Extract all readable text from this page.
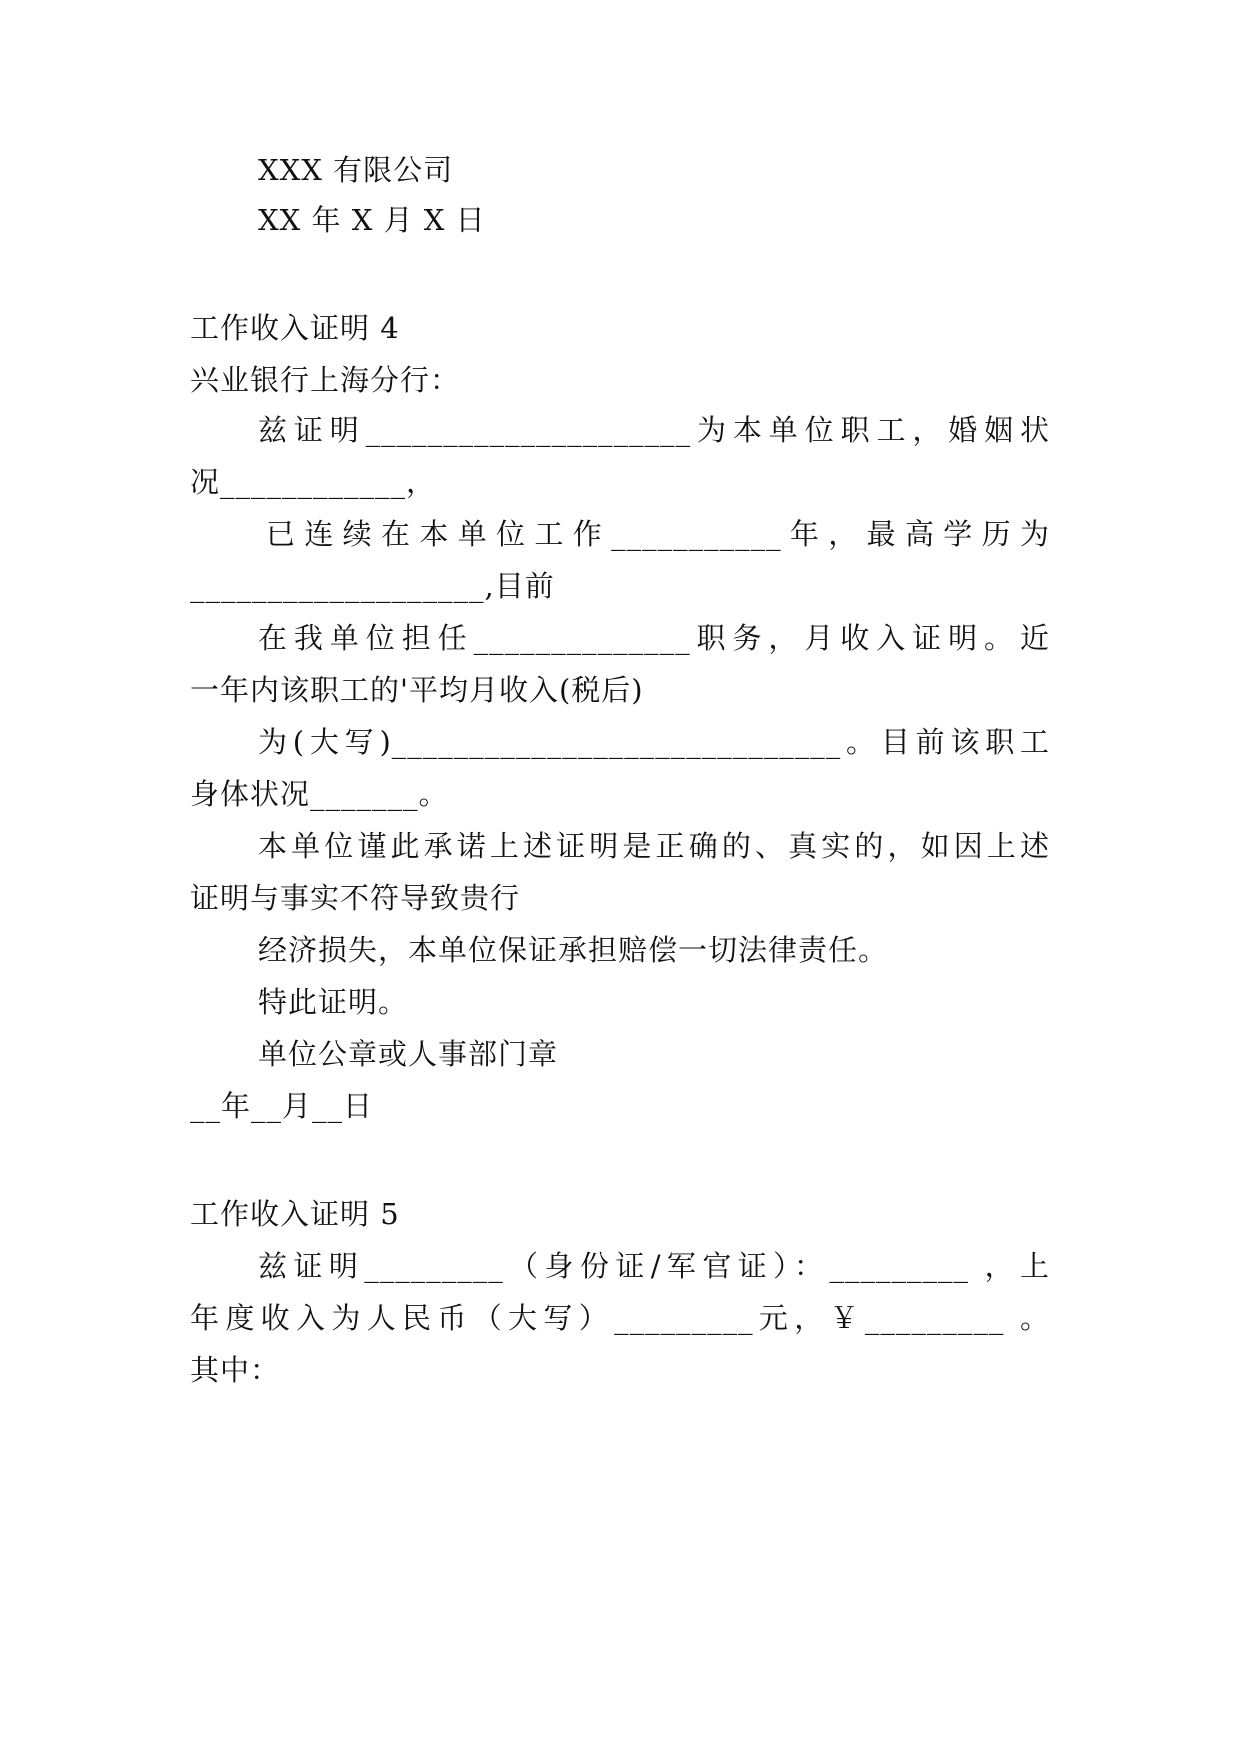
XXX 有限公司
XX 年 X 月 X 日
工作收入证明 4
兴业银行上海分行：
兹证明_____________________为本单位职工，婚姻状
况____________，
已连续在本单位工作___________年，最高学历为
___________________,目前
在我单位担任______________职务，月收入证明。近
一年内该职工的'平均月收入(税后)
为(大写)_____________________________。目前该职工
身体状况_______。
本单位谨此承诺上述证明是正确的、真实的，如因上述
证明与事实不符导致贵行
经济损失，本单位保证承担赔偿一切法律责任。
特此证明。
单位公章或人事部门章
__年__月__日
工作收入证明 5
兹证明_________（身份证/军官证）：_________ ，上
年度收入为人民币（大写）_________元，￥_________ 。
其中：
